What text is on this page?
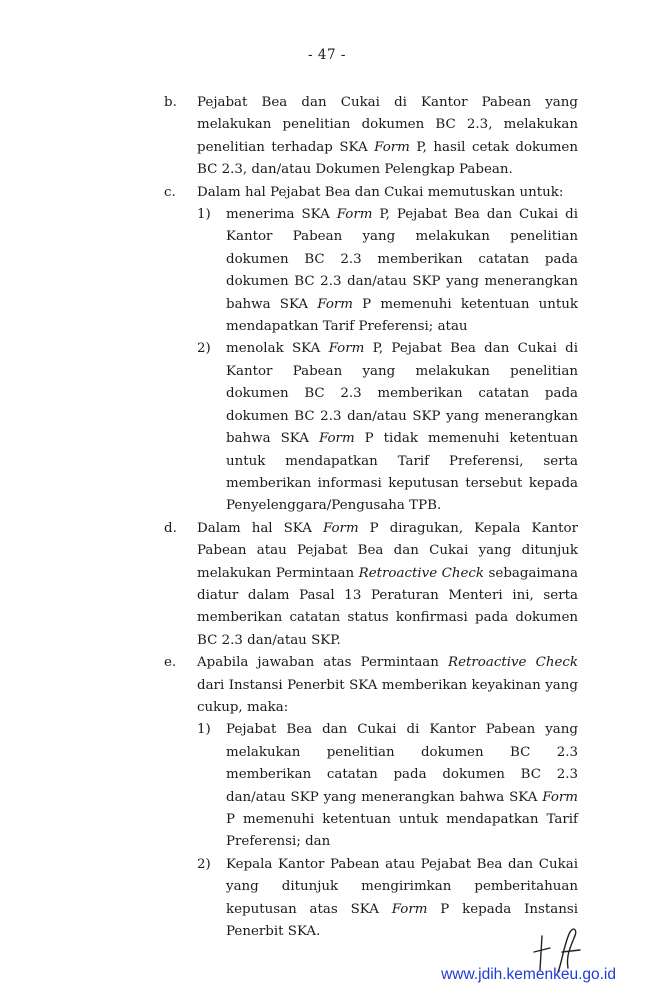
- 47 -
b. Pejabat Bea dan Cukai di Kantor Pabean yang melakukan penelitian dokumen BC 2.3, melakukan penelitian terhadap SKA Form P, hasil cetak dokumen BC 2.3, dan/atau Dokumen Pelengkap Pabean.
c. Dalam hal Pejabat Bea dan Cukai memutuskan untuk:
1) menerima SKA Form P, Pejabat Bea dan Cukai di Kantor Pabean yang melakukan penelitian dokumen BC 2.3 memberikan catatan pada dokumen BC 2.3 dan/atau SKP yang menerangkan bahwa SKA Form P memenuhi ketentuan untuk mendapatkan Tarif Preferensi; atau
2) menolak SKA Form P, Pejabat Bea dan Cukai di Kantor Pabean yang melakukan penelitian dokumen BC 2.3 memberikan catatan pada dokumen BC 2.3 dan/atau SKP yang menerangkan bahwa SKA Form P tidak memenuhi ketentuan untuk mendapatkan Tarif Preferensi, serta memberikan informasi keputusan tersebut kepada Penyelenggara/Pengusaha TPB.
d. Dalam hal SKA Form P diragukan, Kepala Kantor Pabean atau Pejabat Bea dan Cukai yang ditunjuk melakukan Permintaan Retroactive Check sebagaimana diatur dalam Pasal 13 Peraturan Menteri ini, serta memberikan catatan status konfirmasi pada dokumen BC 2.3 dan/atau SKP.
e. Apabila jawaban atas Permintaan Retroactive Check dari Instansi Penerbit SKA memberikan keyakinan yang cukup, maka:
1) Pejabat Bea dan Cukai di Kantor Pabean yang melakukan penelitian dokumen BC 2.3 memberikan catatan pada dokumen BC 2.3 dan/atau SKP yang menerangkan bahwa SKA Form P memenuhi ketentuan untuk mendapatkan Tarif Preferensi; dan
2) Kepala Kantor Pabean atau Pejabat Bea dan Cukai yang ditunjuk mengirimkan pemberitahuan keputusan atas SKA Form P kepada Instansi Penerbit SKA.
www.jdih.kemenkeu.go.id
